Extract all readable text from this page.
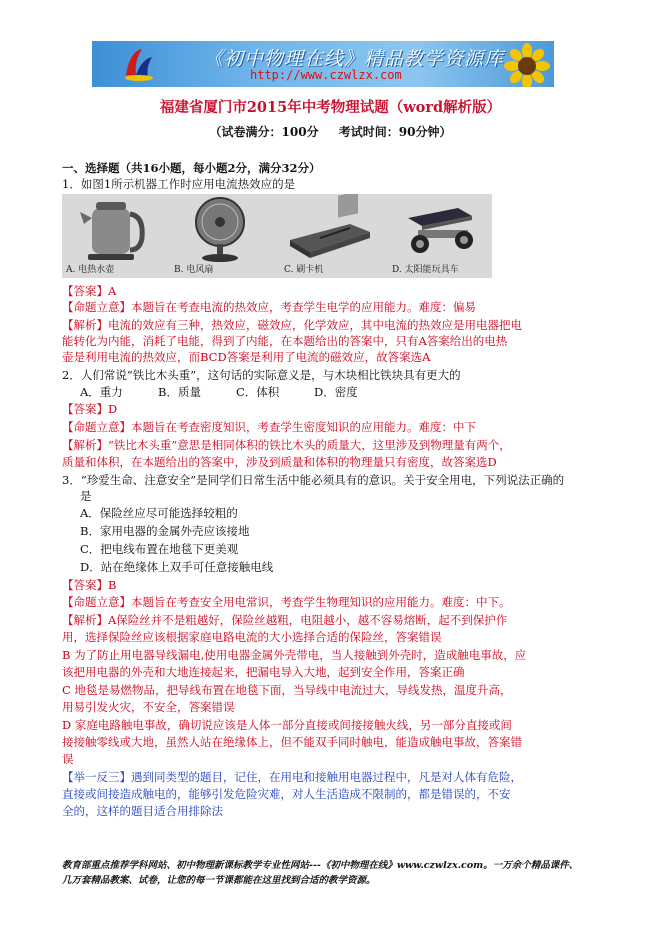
《初中物理在线》精品教学资源库
http://www.czwlzx.com
福建省厦门市2015年中考物理试题（word解析版）
（试卷满分：100分 考试时间：90分钟）
一、选择题（共16小题，每小题2分，满分32分）
1．如图1所示机器工作时应用电流热效应的是
A. 电热水壶	B. 电风扇	C. 刷卡机	D. 太阳能玩具车
【答案】A
【命题立意】本题旨在考查电流的热效应，考查学生电学的应用能力。难度：偏易
【解析】电流的效应有三种，热效应，磁效应，化学效应，其中电流的热效应是用电器把电
能转化为内能，消耗了电能，得到了内能，在本题给出的答案中，只有A答案给出的电热
壶是利用电流的热效应，而BCD答案是利用了电流的磁效应，故答案选A
2．人们常说“铁比木头重”，这句话的实际意义是，与木块相比铁块具有更大的
A．重力	B．质量	C．体积	D．密度
【答案】D
【命题立意】本题旨在考查密度知识，考查学生密度知识的应用能力。难度：中下
【解析】“铁比木头重”意思是相同体积的铁比木头的质量大，这里涉及到物理量有两个，
质量和体积，在本题给出的答案中，涉及到质量和体积的物理量只有密度，故答案选D
3．“珍爱生命、注意安全”是同学们日常生活中能必须具有的意识。关于安全用电，下列说法正确的
是
A．保险丝应尽可能选择较粗的
B．家用电器的金属外壳应该接地
C．把电线布置在地毯下更美观
D．站在绝缘体上双手可任意接触电线
【答案】B
【命题立意】本题旨在考查安全用电常识，考查学生物理知识的应用能力。难度：中下。
【解析】A保险丝并不是粗越好，保险丝越粗，电阻越小，越不容易熔断，起不到保护作
用，选择保险丝应该根据家庭电路电流的大小选择合适的保险丝，答案错误
B 为了防止用电器导线漏电,使用电器金属外壳带电，当人接触到外壳时，造成触电事故，应
该把用电器的外壳和大地连接起来，把漏电导入大地，起到安全作用，答案正确
C 地毯是易燃物品，把导线布置在地毯下面，当导线中电流过大，导线发热，温度升高，
用易引发火灾，不安全，答案错误
D 家庭电路触电事故，确切说应该是人体一部分直接或间接接触火线，另一部分直接或间
接接触零线或大地，虽然人站在绝缘体上，但不能双手同时触电，能造成触电事故，答案错
误
【举一反三】遇到同类型的题目，记住，在用电和接触用电器过程中，凡是对人体有危险，
直接或间接造成触电的，能够引发危险灾难，对人生活造成不限制的，都是错误的，不安
全的，这样的题目适合用排除法
教育部重点推荐学科网站、初中物理新课标教学专业性网站---《初中物理在线》www.czwlzx.com。一万余个精品课件、
几万套精品教案、试卷，让您的每一节课都能在这里找到合适的教学资源。
